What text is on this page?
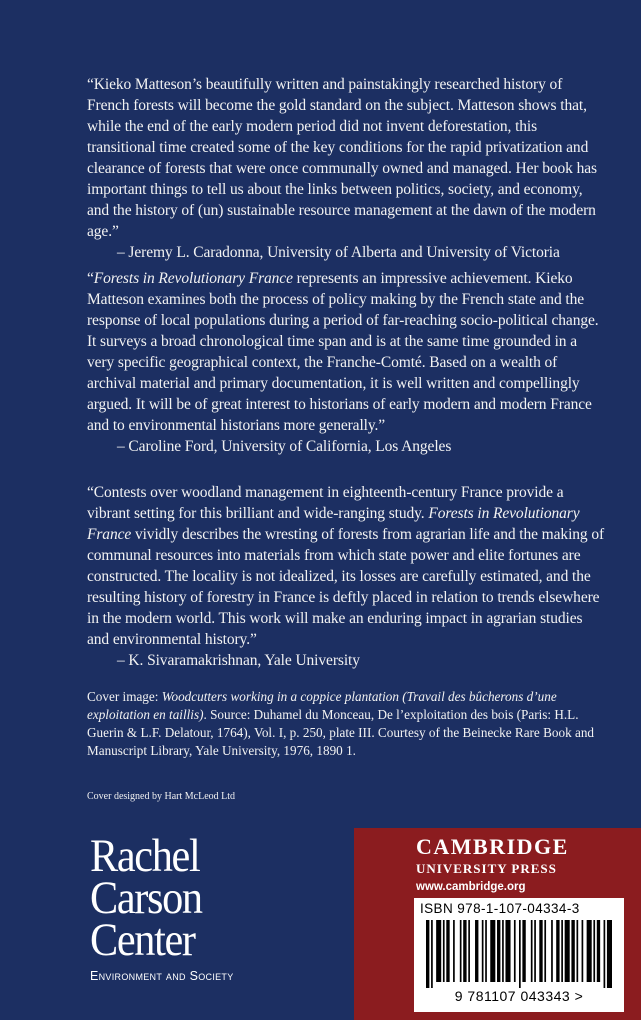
“Kieko Matteson’s beautifully written and painstakingly researched history of French forests will become the gold standard on the subject. Matteson shows that, while the end of the early modern period did not invent deforestation, this transitional time created some of the key conditions for the rapid privatization and clearance of forests that were once communally owned and managed. Her book has important things to tell us about the links between politics, society, and economy, and the history of (un) sustainable resource management at the dawn of the modern age.”

– Jeremy L. Caradonna, University of Alberta and University of Victoria

“Forests in Revolutionary France represents an impressive achievement. Kieko Matteson examines both the process of policy making by the French state and the response of local populations during a period of far-reaching socio-political change. It surveys a broad chronological time span and is at the same time grounded in a very specific geographical context, the Franche-Comté. Based on a wealth of archival material and primary documentation, it is well written and compellingly argued. It will be of great interest to historians of early modern and modern France and to environmental historians more generally.”

– Caroline Ford, University of California, Los Angeles

“Contests over woodland management in eighteenth-century France provide a vibrant setting for this brilliant and wide-ranging study. Forests in Revolutionary France vividly describes the wresting of forests from agrarian life and the making of communal resources into materials from which state power and elite fortunes are constructed. The locality is not idealized, its losses are carefully estimated, and the resulting history of forestry in France is deftly placed in relation to trends elsewhere in the modern world. This work will make an enduring impact in agrarian studies and environmental history.”

– K. Sivaramakrishnan, Yale University

Cover image: Woodcutters working in a coppice plantation (Travail des bûcherons d’une exploitation en taillis). Source: Duhamel du Monceau, De l’exploitation des bois (Paris: H.L. Guerin & L.F. Delatour, 1764), Vol. I, p. 250, plate III. Courtesy of the Beinecke Rare Book and Manuscript Library, Yale University, 1976, 1890 1.

Cover designed by Hart McLeod Ltd
Rachel
Carson
Center
Environment and Society
CAMBRIDGE
UNIVERSITY PRESS
www.cambridge.org
ISBN 978-1-107-04334-3
9 781107 043343 >
